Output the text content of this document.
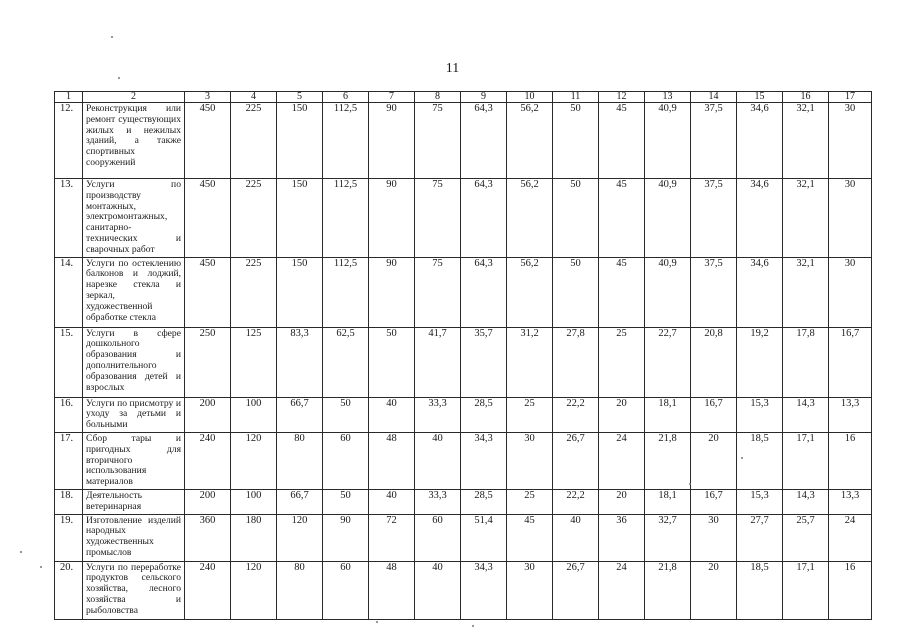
11
1	2	3	4	5	6	7	8	9	10	11	12	13	14	15	16	17
12.	Реконструкция или ремонт существующих жилых и нежилых зданий, а также спортивных сооружений	450	225	150	112,5	90	75	64,3	56,2	50	45	40,9	37,5	34,6	32,1	30
13.	Услуги по производству монтажных, электромонтажных, санитарно-технических и сварочных работ	450	225	150	112,5	90	75	64,3	56,2	50	45	40,9	37,5	34,6	32,1	30
14.	Услуги по остеклению балконов и лоджий, нарезке стекла и зеркал, художественной обработке стекла	450	225	150	112,5	90	75	64,3	56,2	50	45	40,9	37,5	34,6	32,1	30
15.	Услуги в сфере дошкольного образования и дополнительного образования детей и взрослых	250	125	83,3	62,5	50	41,7	35,7	31,2	27,8	25	22,7	20,8	19,2	17,8	16,7
16.	Услуги по присмотру и уходу за детьми и больными	200	100	66,7	50	40	33,3	28,5	25	22,2	20	18,1	16,7	15,3	14,3	13,3
17.	Сбор тары и пригодных для вторичного использования материалов	240	120	80	60	48	40	34,3	30	26,7	24	21,8	20	18,5	17,1	16
18.	Деятельность ветеринарная	200	100	66,7	50	40	33,3	28,5	25	22,2	20	18,1	16,7	15,3	14,3	13,3
19.	Изготовление изделий народных художественных промыслов	360	180	120	90	72	60	51,4	45	40	36	32,7	30	27,7	25,7	24
20.	Услуги по переработке продуктов сельского хозяйства, лесного хозяйства и рыболовства	240	120	80	60	48	40	34,3	30	26,7	24	21,8	20	18,5	17,1	16
